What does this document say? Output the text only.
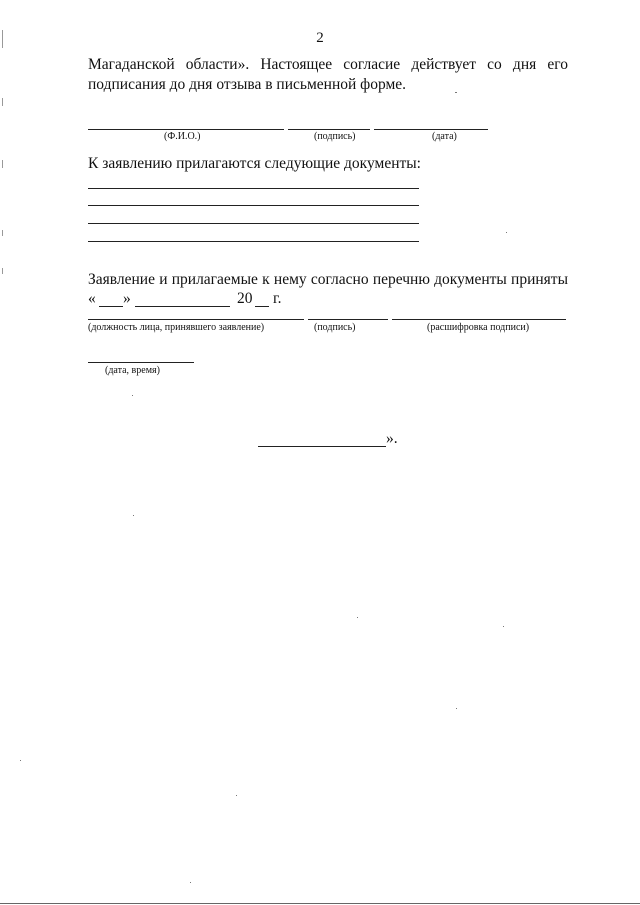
2
Магаданской области». Настоящее согласие действует со дня его
подписания до дня отзыва в письменной форме.
(Ф.И.О.)	(подпись)	(дата)
К заявлению прилагаются следующие документы:
Заявление и прилагаемые к нему согласно перечню документы приняты
« »	20 г.
(должность лица, принявшего заявление)	(подпись)	(расшифровка подписи)
(дата, время)
».
